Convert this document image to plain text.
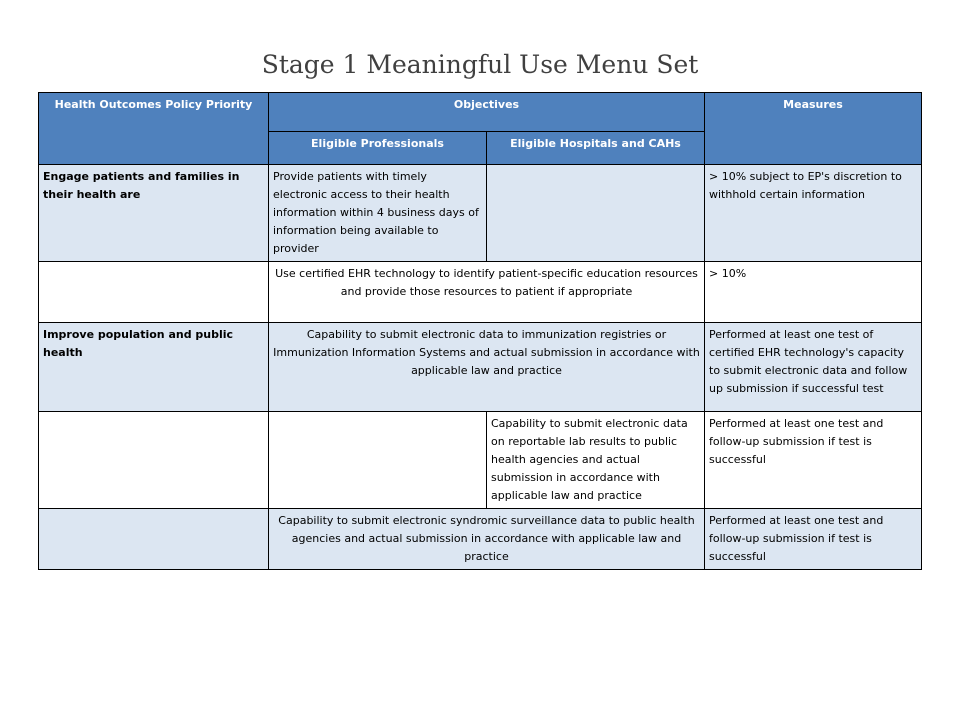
Stage 1 Meaningful Use Menu Set
Health Outcomes Policy Priority	Objectives		Measures
	Eligible Professionals	Eligible Hospitals and CAHs	
Engage patients and families in their health are	Provide patients with timely electronic access to their health information within 4 business days of information being available to provider		> 10% subject to EP's discretion to withhold certain information
	Use certified EHR technology to identify patient-specific education resources and provide those resources to patient if appropriate		> 10%
Improve population and public health	Capability to submit electronic data to immunization registries or Immunization Information Systems and actual submission in accordance with applicable law and practice		Performed at least one test of certified EHR technology's capacity to submit electronic data and follow up submission if successful test
		Capability to submit electronic data on reportable lab results to public health agencies and actual submission in accordance with applicable law and practice	Performed at least one test and follow-up submission if test is successful
	Capability to submit electronic syndromic surveillance data to public health agencies and actual submission in accordance with applicable law and practice		Performed at least one test and follow-up submission if test is successful
